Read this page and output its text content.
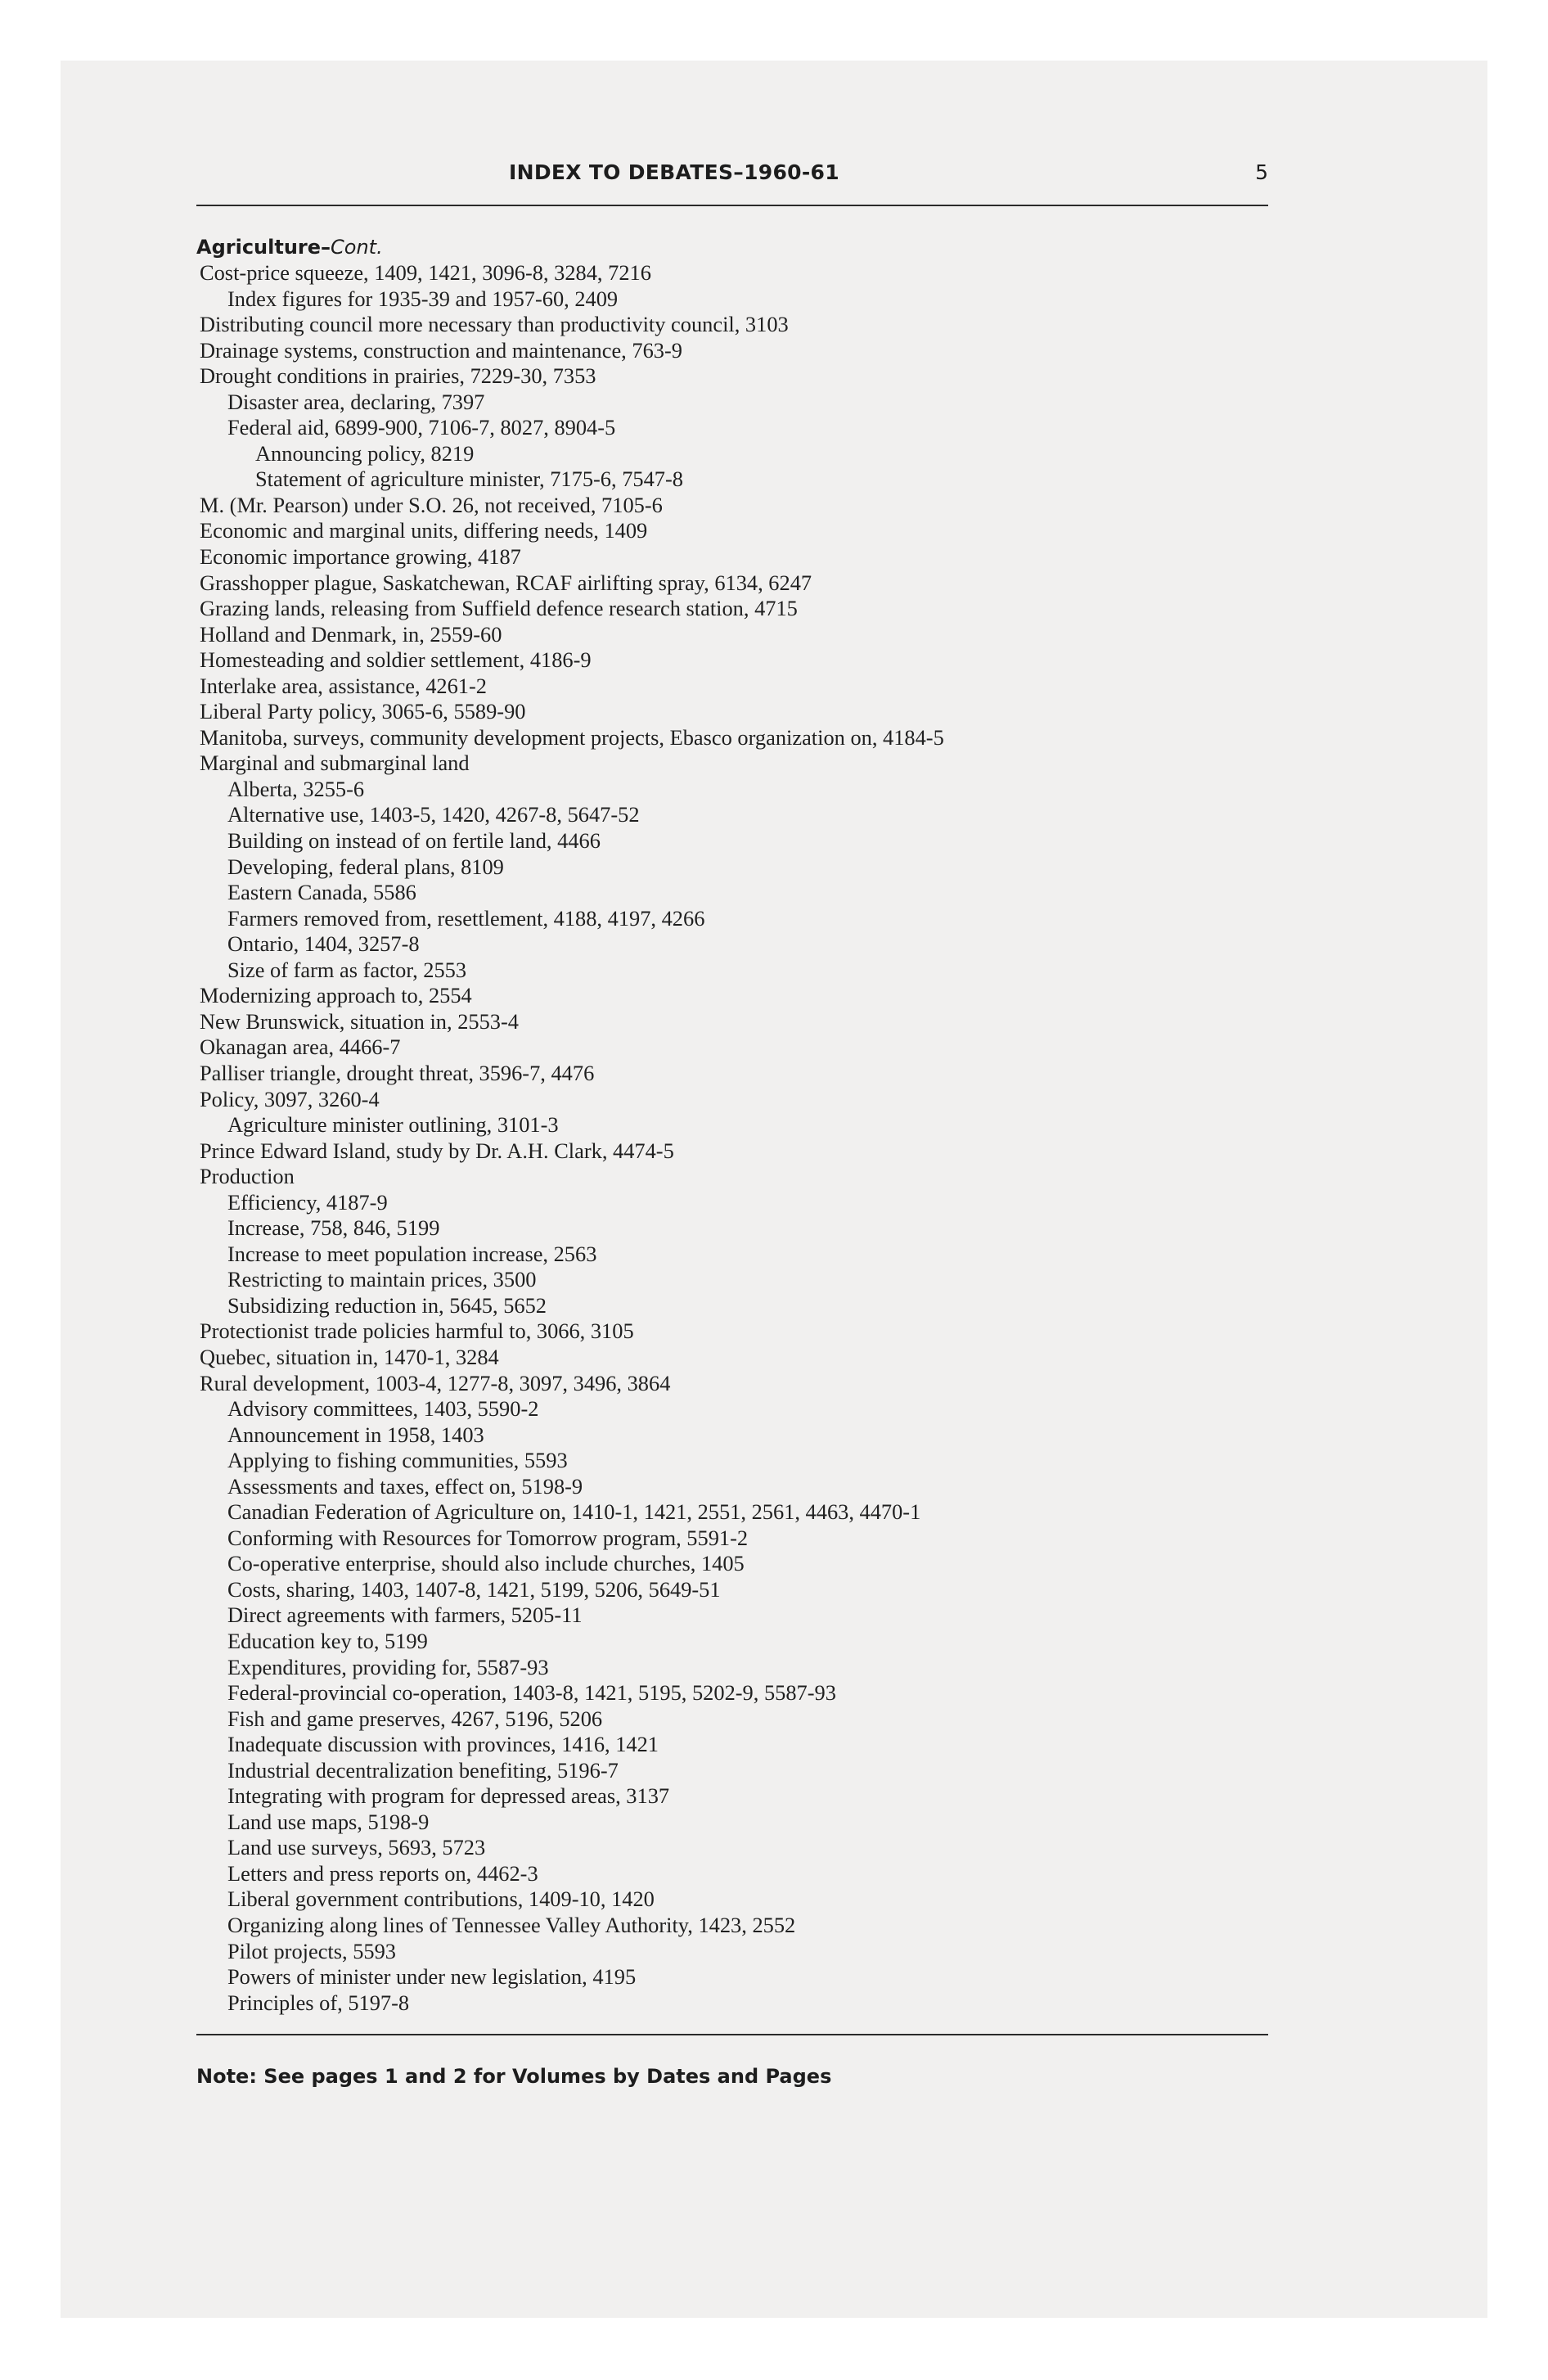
INDEX TO DEBATES–1960-61	5
Agriculture–Cont.
Cost-price squeeze, 1409, 1421, 3096-8, 3284, 7216
Index figures for 1935-39 and 1957-60, 2409
Distributing council more necessary than productivity council, 3103
Drainage systems, construction and maintenance, 763-9
Drought conditions in prairies, 7229-30, 7353
Disaster area, declaring, 7397
Federal aid, 6899-900, 7106-7, 8027, 8904-5
Announcing policy, 8219
Statement of agriculture minister, 7175-6, 7547-8
M. (Mr. Pearson) under S.O. 26, not received, 7105-6
Economic and marginal units, differing needs, 1409
Economic importance growing, 4187
Grasshopper plague, Saskatchewan, RCAF airlifting spray, 6134, 6247
Grazing lands, releasing from Suffield defence research station, 4715
Holland and Denmark, in, 2559-60
Homesteading and soldier settlement, 4186-9
Interlake area, assistance, 4261-2
Liberal Party policy, 3065-6, 5589-90
Manitoba, surveys, community development projects, Ebasco organization on, 4184-5
Marginal and submarginal land
Alberta, 3255-6
Alternative use, 1403-5, 1420, 4267-8, 5647-52
Building on instead of on fertile land, 4466
Developing, federal plans, 8109
Eastern Canada, 5586
Farmers removed from, resettlement, 4188, 4197, 4266
Ontario, 1404, 3257-8
Size of farm as factor, 2553
Modernizing approach to, 2554
New Brunswick, situation in, 2553-4
Okanagan area, 4466-7
Palliser triangle, drought threat, 3596-7, 4476
Policy, 3097, 3260-4
Agriculture minister outlining, 3101-3
Prince Edward Island, study by Dr. A.H. Clark, 4474-5
Production
Efficiency, 4187-9
Increase, 758, 846, 5199
Increase to meet population increase, 2563
Restricting to maintain prices, 3500
Subsidizing reduction in, 5645, 5652
Protectionist trade policies harmful to, 3066, 3105
Quebec, situation in, 1470-1, 3284
Rural development, 1003-4, 1277-8, 3097, 3496, 3864
Advisory committees, 1403, 5590-2
Announcement in 1958, 1403
Applying to fishing communities, 5593
Assessments and taxes, effect on, 5198-9
Canadian Federation of Agriculture on, 1410-1, 1421, 2551, 2561, 4463, 4470-1
Conforming with Resources for Tomorrow program, 5591-2
Co-operative enterprise, should also include churches, 1405
Costs, sharing, 1403, 1407-8, 1421, 5199, 5206, 5649-51
Direct agreements with farmers, 5205-11
Education key to, 5199
Expenditures, providing for, 5587-93
Federal-provincial co-operation, 1403-8, 1421, 5195, 5202-9, 5587-93
Fish and game preserves, 4267, 5196, 5206
Inadequate discussion with provinces, 1416, 1421
Industrial decentralization benefiting, 5196-7
Integrating with program for depressed areas, 3137
Land use maps, 5198-9
Land use surveys, 5693, 5723
Letters and press reports on, 4462-3
Liberal government contributions, 1409-10, 1420
Organizing along lines of Tennessee Valley Authority, 1423, 2552
Pilot projects, 5593
Powers of minister under new legislation, 4195
Principles of, 5197-8
Note: See pages 1 and 2 for Volumes by Dates and Pages
